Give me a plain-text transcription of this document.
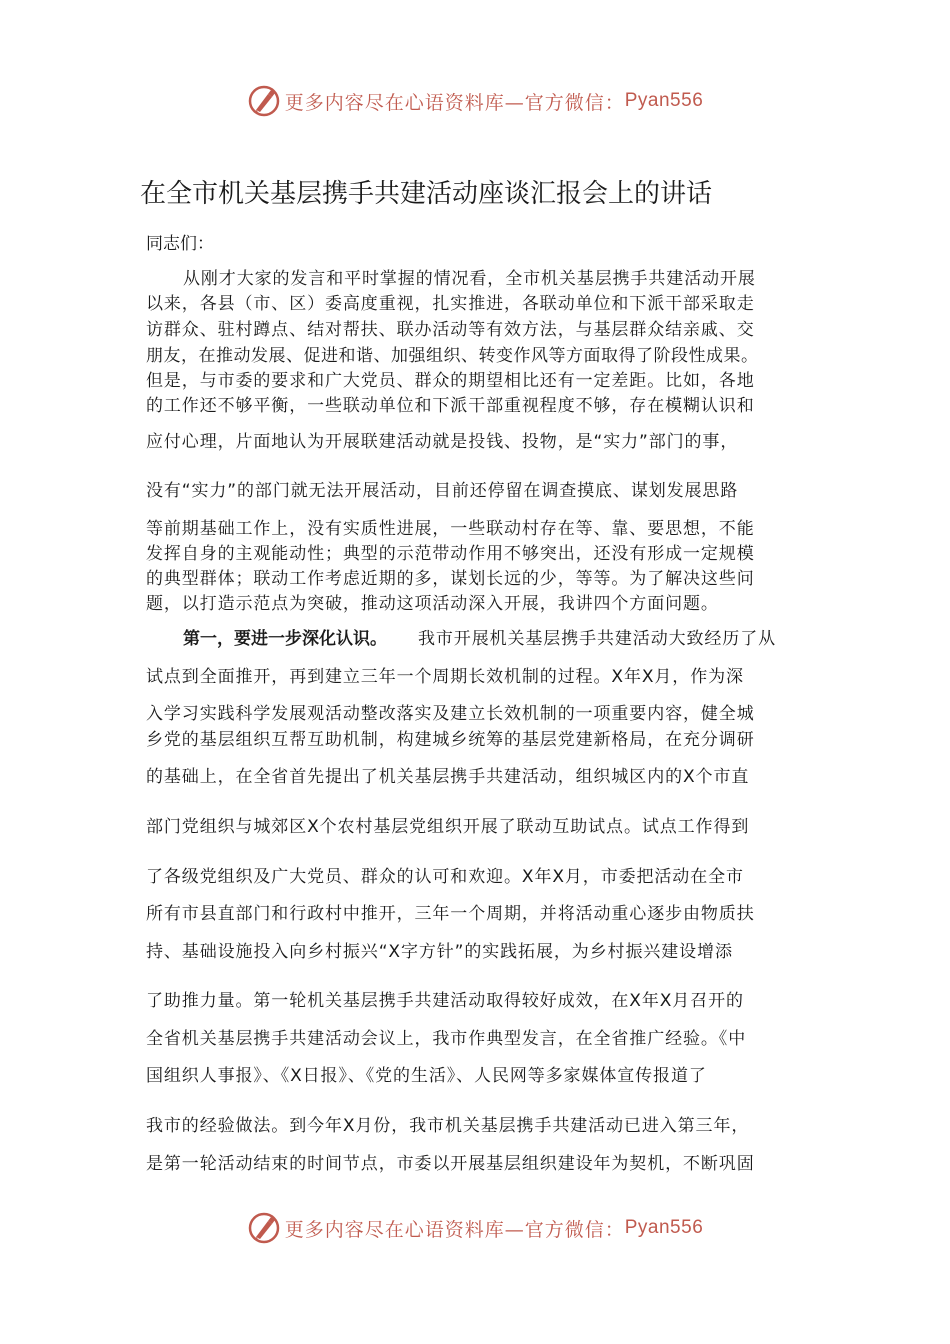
更多内容尽在心语资料库—官方微信： Pyan556
在全市机关基层携手共建活动座谈汇报会上的讲话
同志们：
从刚才大家的发言和平时掌握的情况看，全市机关基层携手共建活动开展
以来，各县（市、区）委高度重视，扎实推进，各联动单位和下派干部采取走
访群众、驻村蹲点、结对帮扶、联办活动等有效方法，与基层群众结亲戚、交
朋友，在推动发展、促进和谐、加强组织、转变作风等方面取得了阶段性成果。
但是，与市委的要求和广大党员、群众的期望相比还有一定差距。比如，各地
的工作还不够平衡，一些联动单位和下派干部重视程度不够，存在模糊认识和
应付心理，片面地认为开展联建活动就是投钱、投物，是“实力”部门的事，
没有“实力”的部门就无法开展活动，目前还停留在调查摸底、谋划发展思路
等前期基础工作上，没有实质性进展，一些联动村存在等、靠、要思想，不能
发挥自身的主观能动性；典型的示范带动作用不够突出，还没有形成一定规模
的典型群体；联动工作考虑近期的多，谋划长远的少，等等。为了解决这些问
题，以打造示范点为突破，推动这项活动深入开展，我讲四个方面问题。
第一，要进一步深化认识。 我市开展机关基层携手共建活动大致经历了从
试点到全面推开，再到建立三年一个周期长效机制的过程。X年X月，作为深
入学习实践科学发展观活动整改落实及建立长效机制的一项重要内容，健全城
乡党的基层组织互帮互助机制，构建城乡统筹的基层党建新格局，在充分调研
的基础上，在全省首先提出了机关基层携手共建活动，组织城区内的X个市直
部门党组织与城郊区X个农村基层党组织开展了联动互助试点。试点工作得到
了各级党组织及广大党员、群众的认可和欢迎。X年X月，市委把活动在全市
所有市县直部门和行政村中推开，三年一个周期，并将活动重心逐步由物质扶
持、基础设施投入向乡村振兴“X字方针”的实践拓展，为乡村振兴建设增添
了助推力量。第一轮机关基层携手共建活动取得较好成效，在X年X月召开的
全省机关基层携手共建活动会议上，我市作典型发言，在全省推广经验。《中
国组织人事报》、《X日报》、《党的生活》、人民网等多家媒体宣传报道了
我市的经验做法。到今年X月份，我市机关基层携手共建活动已进入第三年，
是第一轮活动结束的时间节点，市委以开展基层组织建设年为契机，不断巩固
更多内容尽在心语资料库—官方微信： Pyan556
